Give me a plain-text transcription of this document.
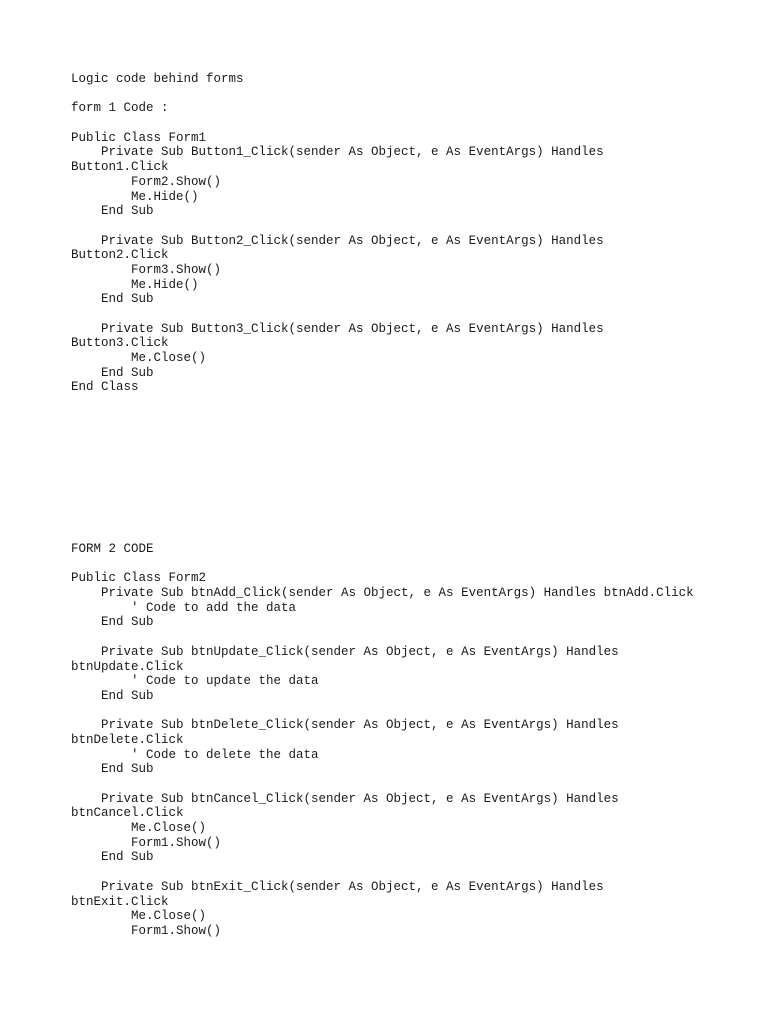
Logic code behind forms
form 1 Code :
Public Class Form1
Private Sub Button1_Click(sender As Object, e As EventArgs) Handles
Button1.Click
Form2.Show()
Me.Hide()
End Sub
Private Sub Button2_Click(sender As Object, e As EventArgs) Handles
Button2.Click
Form3.Show()
Me.Hide()
End Sub
Private Sub Button3_Click(sender As Object, e As EventArgs) Handles
Button3.Click
Me.Close()
End Sub
End Class
FORM 2 CODE
Public Class Form2
Private Sub btnAdd_Click(sender As Object, e As EventArgs) Handles btnAdd.Click
' Code to add the data
End Sub
Private Sub btnUpdate_Click(sender As Object, e As EventArgs) Handles
btnUpdate.Click
' Code to update the data
End Sub
Private Sub btnDelete_Click(sender As Object, e As EventArgs) Handles
btnDelete.Click
' Code to delete the data
End Sub
Private Sub btnCancel_Click(sender As Object, e As EventArgs) Handles
btnCancel.Click
Me.Close()
Form1.Show()
End Sub
Private Sub btnExit_Click(sender As Object, e As EventArgs) Handles
btnExit.Click
Me.Close()
Form1.Show()
